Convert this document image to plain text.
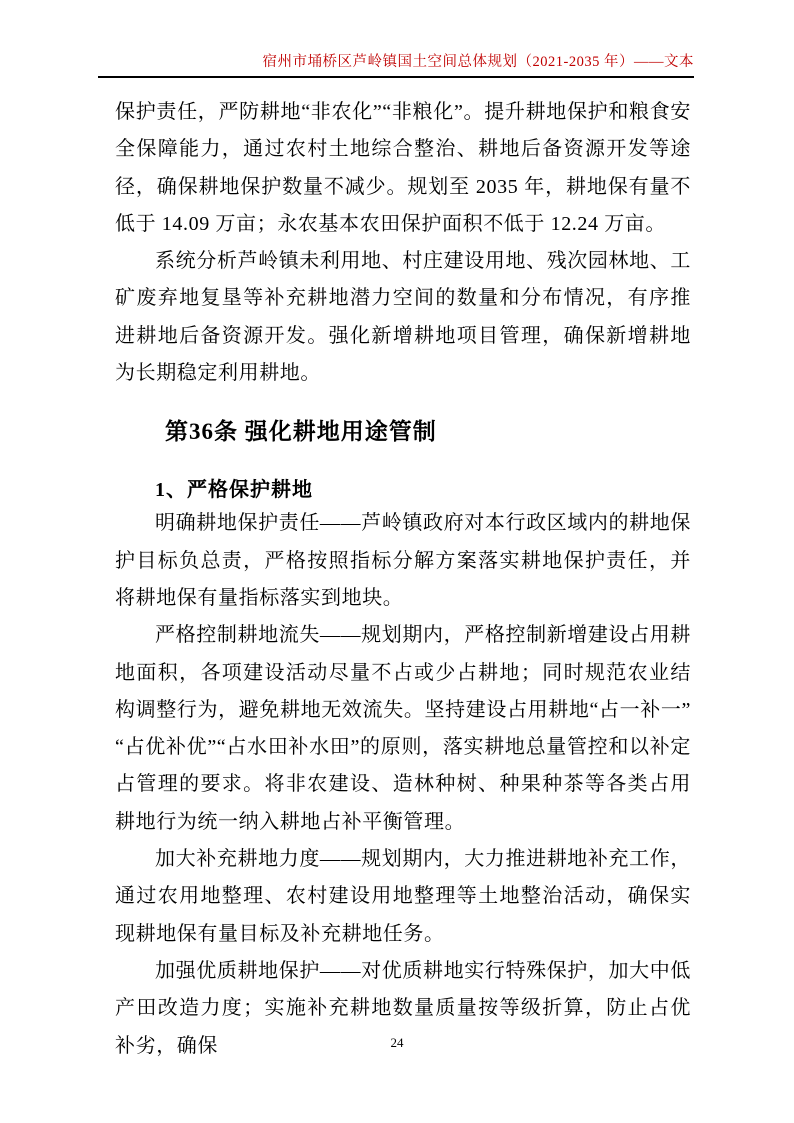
宿州市埇桥区芦岭镇国土空间总体规划（2021-2035 年）——文本

保护责任，严防耕地“非农化”“非粮化”。提升耕地保护和粮食安全保障能力，通过农村土地综合整治、耕地后备资源开发等途径，确保耕地保护数量不减少。规划至 2035 年，耕地保有量不低于 14.09 万亩；永农基本农田保护面积不低于 12.24 万亩。

系统分析芦岭镇未利用地、村庄建设用地、残次园林地、工矿废弃地复垦等补充耕地潜力空间的数量和分布情况，有序推进耕地后备资源开发。强化新增耕地项目管理，确保新增耕地为长期稳定利用耕地。

第36条 强化耕地用途管制
1、严格保护耕地

明确耕地保护责任——芦岭镇政府对本行政区域内的耕地保护目标负总责，严格按照指标分解方案落实耕地保护责任，并将耕地保有量指标落实到地块。

严格控制耕地流失——规划期内，严格控制新增建设占用耕地面积，各项建设活动尽量不占或少占耕地；同时规范农业结构调整行为，避免耕地无效流失。坚持建设占用耕地“占一补一”“占优补优”“占水田补水田”的原则，落实耕地总量管控和以补定占管理的要求。将非农建设、造林种树、种果种茶等各类占用耕地行为统一纳入耕地占补平衡管理。

加大补充耕地力度——规划期内，大力推进耕地补充工作，通过农用地整理、农村建设用地整理等土地整治活动，确保实现耕地保有量目标及补充耕地任务。

加强优质耕地保护——对优质耕地实行特殊保护，加大中低产田改造力度；实施补充耕地数量质量按等级折算，防止占优补劣，确保	24
